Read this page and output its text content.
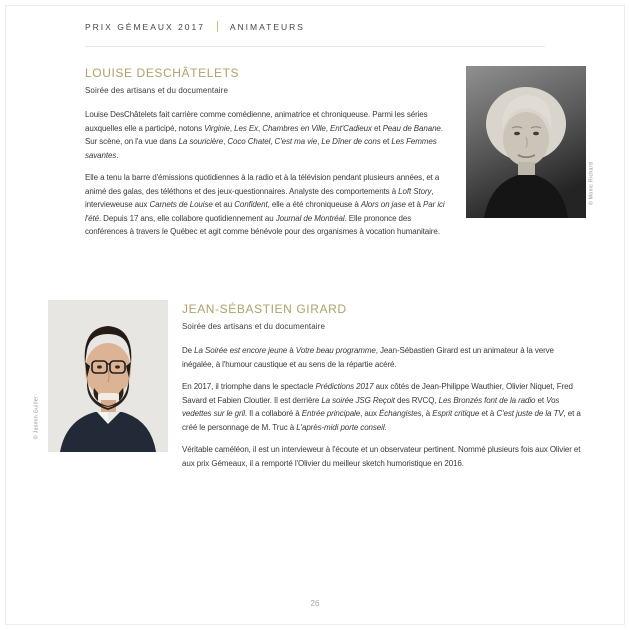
PRIX GÉMEAUX 2017 | ANIMATEURS
© Monic Richard
LOUISE DESCHÂTELETS
Soirée des artisans et du documentaire

Louise DesChâtelets fait carrière comme comédienne, animatrice et chroniqueuse. Parmi les séries auxquelles elle a participé, notons Virginie, Les Ex, Chambres en Ville, Ent'Cadieux et Peau de Banane. Sur scène, on l'a vue dans La souricière, Coco Chatel, C'est ma vie, Le Dîner de cons et Les Femmes savantes.

Elle a tenu la barre d'émissions quotidiennes à la radio et à la télévision pendant plusieurs années, et a animé des galas, des téléthons et des jeux-questionnaires. Analyste des comportements à Loft Story, intervieweuse aux Carnets de Louise et au Confident, elle a été chroniqueuse à Alors on jase et à Par ici l'été. Depuis 17 ans, elle collabore quotidiennement au Journal de Montréal. Elle prononce des conférences à travers le Québec et agit comme bénévole pour des organismes à vocation humanitaire.

© Jasmin Guiller
JEAN-SÉBASTIEN GIRARD
Soirée des artisans et du documentaire

De La Soirée est encore jeune à Votre beau programme, Jean-Sébastien Girard est un animateur à la verve inégalée, à l'humour caustique et au sens de la répartie acéré.

En 2017, il triomphe dans le spectacle Prédictions 2017 aux côtés de Jean-Philippe Wauthier, Olivier Niquet, Fred Savard et Fabien Cloutier. Il est derrière La soirée JSG Reçoit des RVCQ, Les Bronzés font de la radio et Vos vedettes sur le gril. Il a collaboré à Entrée principale, aux Échangistes, à Esprit critique et à C'est juste de la TV, et a créé le personnage de M. Truc à L'après-midi porte conseil.

Véritable caméléon, il est un intervieweur à l'écoute et un observateur pertinent. Nommé plusieurs fois aux Olivier et aux prix Gémeaux, il a remporté l'Olivier du meilleur sketch humoristique en 2016.

26
